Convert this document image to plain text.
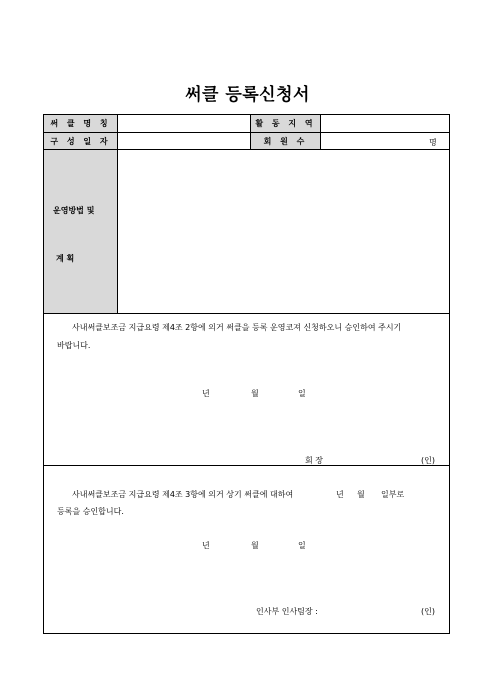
써클 등록신청서
써 클 명 칭	활 동 지 역
구 성 일 자	회 원 수	명
운영방법 및
계 획
사내써클보조금 지급요령 제4조 2항에 의거 써클을 등록 운영코져 신청하오니 승인하여 주시기
바랍니다.
년	월	일
회 장	(인)
사내써클보조금 지급요령 제4조 3항에 의거 상기 써클에 대하여	년 월 일부로
등록을 승인합니다.
년	월	일
인사부 인사팀장 :	(인)
